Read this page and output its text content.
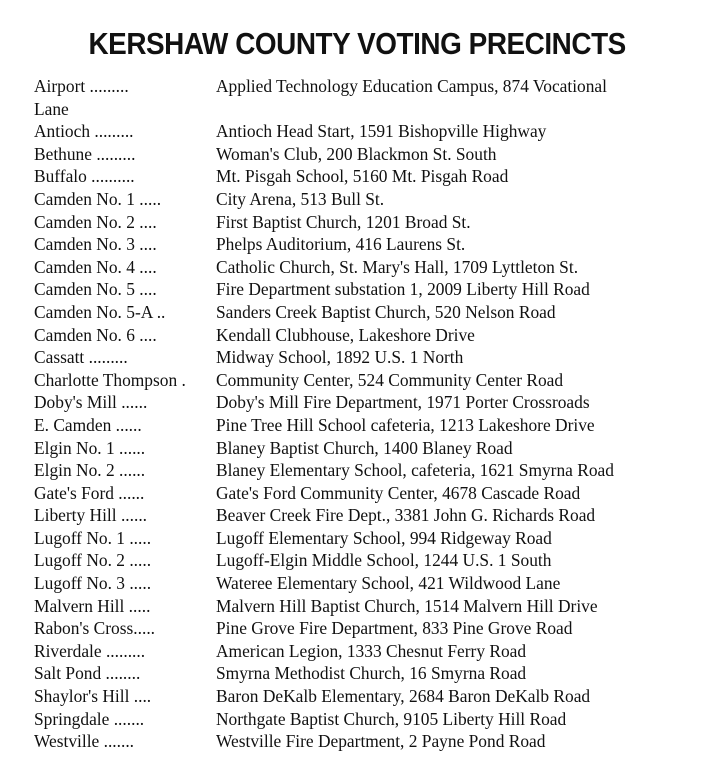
KERSHAW COUNTY VOTING PRECINCTS
Airport .........	Applied Technology Education Campus, 874 Vocational
Lane
Antioch .........	Antioch Head Start, 1591 Bishopville Highway
Bethune .........	Woman's Club, 200 Blackmon St. South
Buffalo ..........	Mt. Pisgah School, 5160 Mt. Pisgah Road
Camden No. 1 .....	City Arena, 513 Bull St.
Camden No. 2 ....	First Baptist Church, 1201 Broad St.
Camden No. 3 ....	Phelps Auditorium, 416 Laurens St.
Camden No. 4 ....	Catholic Church, St. Mary's Hall, 1709 Lyttleton St.
Camden No. 5 ....	Fire Department substation 1, 2009 Liberty Hill Road
Camden No. 5-A ..	Sanders Creek Baptist Church, 520 Nelson Road
Camden No. 6 ....	Kendall Clubhouse, Lakeshore Drive
Cassatt .........	Midway School, 1892 U.S. 1 North
Charlotte Thompson .	Community Center, 524 Community Center Road
Doby's Mill ......	Doby's Mill Fire Department, 1971 Porter Crossroads
E. Camden ......	Pine Tree Hill School cafeteria, 1213 Lakeshore Drive
Elgin No. 1 ......	Blaney Baptist Church, 1400 Blaney Road
Elgin No. 2 ......	Blaney Elementary School, cafeteria, 1621 Smyrna Road
Gate's Ford ......	Gate's Ford Community Center, 4678 Cascade Road
Liberty Hill ......	Beaver Creek Fire Dept., 3381 John G. Richards Road
Lugoff No. 1 .....	Lugoff Elementary School, 994 Ridgeway Road
Lugoff No. 2 .....	Lugoff-Elgin Middle School, 1244 U.S. 1 South
Lugoff No. 3 .....	Wateree Elementary School, 421 Wildwood Lane
Malvern Hill .....	Malvern Hill Baptist Church, 1514 Malvern Hill Drive
Rabon's Cross.....	Pine Grove Fire Department, 833 Pine Grove Road
Riverdale .........	American Legion, 1333 Chesnut Ferry Road
Salt Pond ........	Smyrna Methodist Church, 16 Smyrna Road
Shaylor's Hill ....	Baron DeKalb Elementary, 2684 Baron DeKalb Road
Springdale .......	Northgate Baptist Church, 9105 Liberty Hill Road
Westville .......	Westville Fire Department, 2 Payne Pond Road
